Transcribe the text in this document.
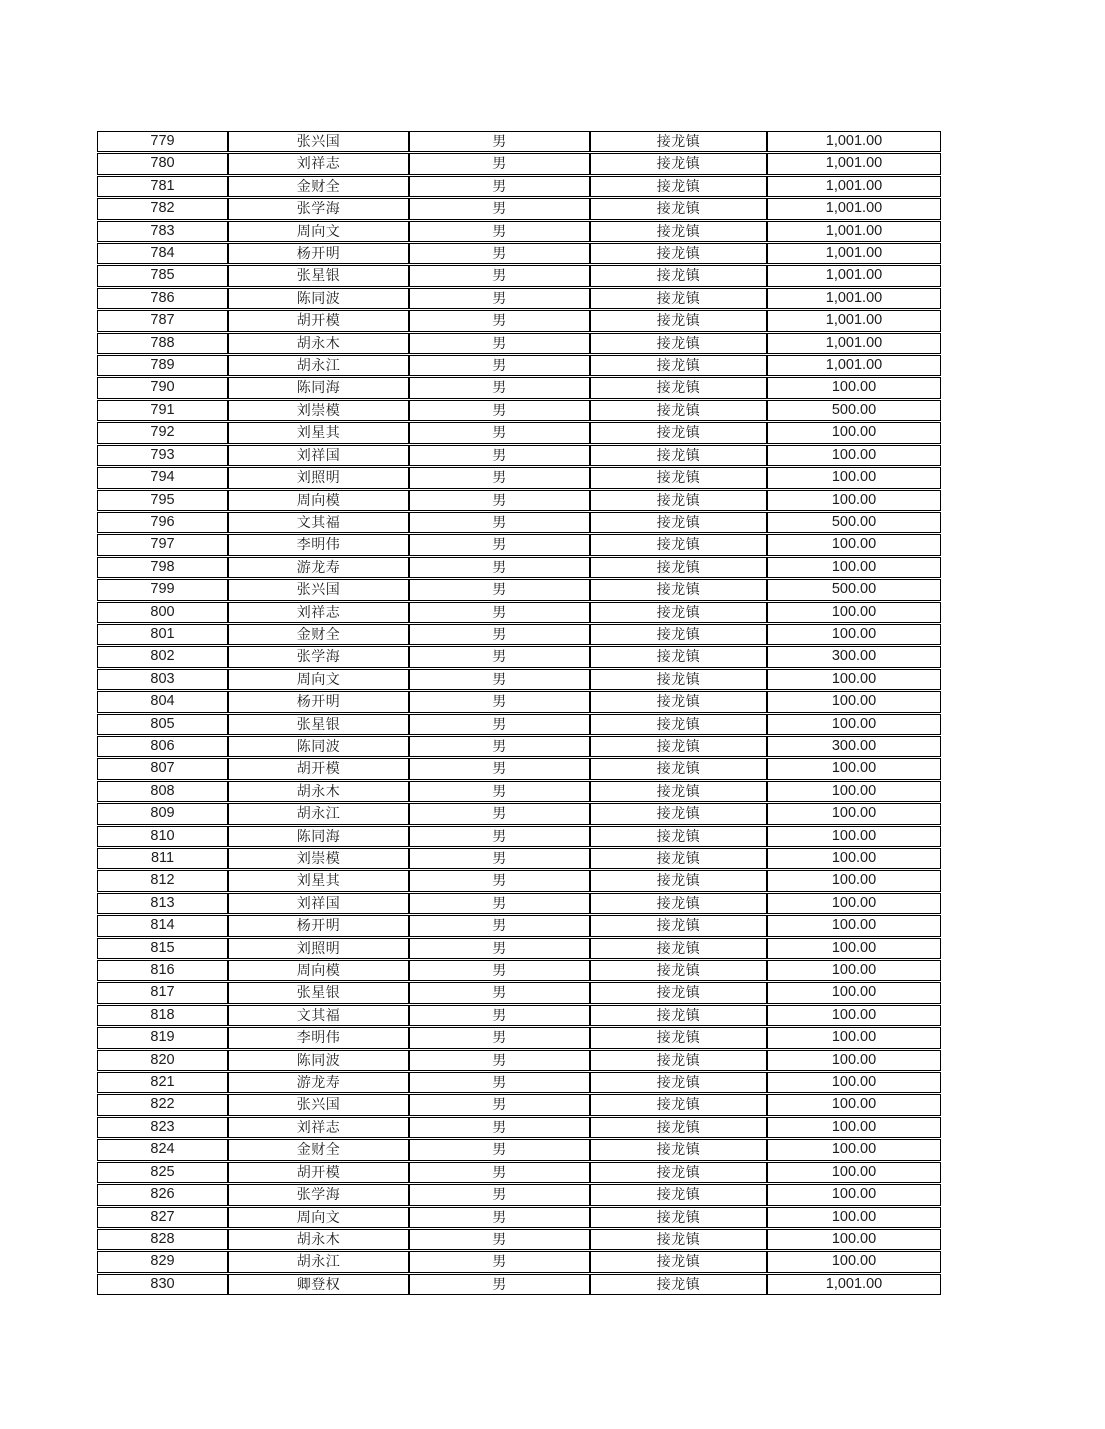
779	张兴国	男	接龙镇	1,001.00
780	刘祥志	男	接龙镇	1,001.00
781	金财全	男	接龙镇	1,001.00
782	张学海	男	接龙镇	1,001.00
783	周向文	男	接龙镇	1,001.00
784	杨开明	男	接龙镇	1,001.00
785	张星银	男	接龙镇	1,001.00
786	陈同波	男	接龙镇	1,001.00
787	胡开模	男	接龙镇	1,001.00
788	胡永木	男	接龙镇	1,001.00
789	胡永江	男	接龙镇	1,001.00
790	陈同海	男	接龙镇	100.00
791	刘崇模	男	接龙镇	500.00
792	刘星其	男	接龙镇	100.00
793	刘祥国	男	接龙镇	100.00
794	刘照明	男	接龙镇	100.00
795	周向模	男	接龙镇	100.00
796	文其福	男	接龙镇	500.00
797	李明伟	男	接龙镇	100.00
798	游龙寿	男	接龙镇	100.00
799	张兴国	男	接龙镇	500.00
800	刘祥志	男	接龙镇	100.00
801	金财全	男	接龙镇	100.00
802	张学海	男	接龙镇	300.00
803	周向文	男	接龙镇	100.00
804	杨开明	男	接龙镇	100.00
805	张星银	男	接龙镇	100.00
806	陈同波	男	接龙镇	300.00
807	胡开模	男	接龙镇	100.00
808	胡永木	男	接龙镇	100.00
809	胡永江	男	接龙镇	100.00
810	陈同海	男	接龙镇	100.00
811	刘崇模	男	接龙镇	100.00
812	刘星其	男	接龙镇	100.00
813	刘祥国	男	接龙镇	100.00
814	杨开明	男	接龙镇	100.00
815	刘照明	男	接龙镇	100.00
816	周向模	男	接龙镇	100.00
817	张星银	男	接龙镇	100.00
818	文其福	男	接龙镇	100.00
819	李明伟	男	接龙镇	100.00
820	陈同波	男	接龙镇	100.00
821	游龙寿	男	接龙镇	100.00
822	张兴国	男	接龙镇	100.00
823	刘祥志	男	接龙镇	100.00
824	金财全	男	接龙镇	100.00
825	胡开模	男	接龙镇	100.00
826	张学海	男	接龙镇	100.00
827	周向文	男	接龙镇	100.00
828	胡永木	男	接龙镇	100.00
829	胡永江	男	接龙镇	100.00
830	卿登权	男	接龙镇	1,001.00
